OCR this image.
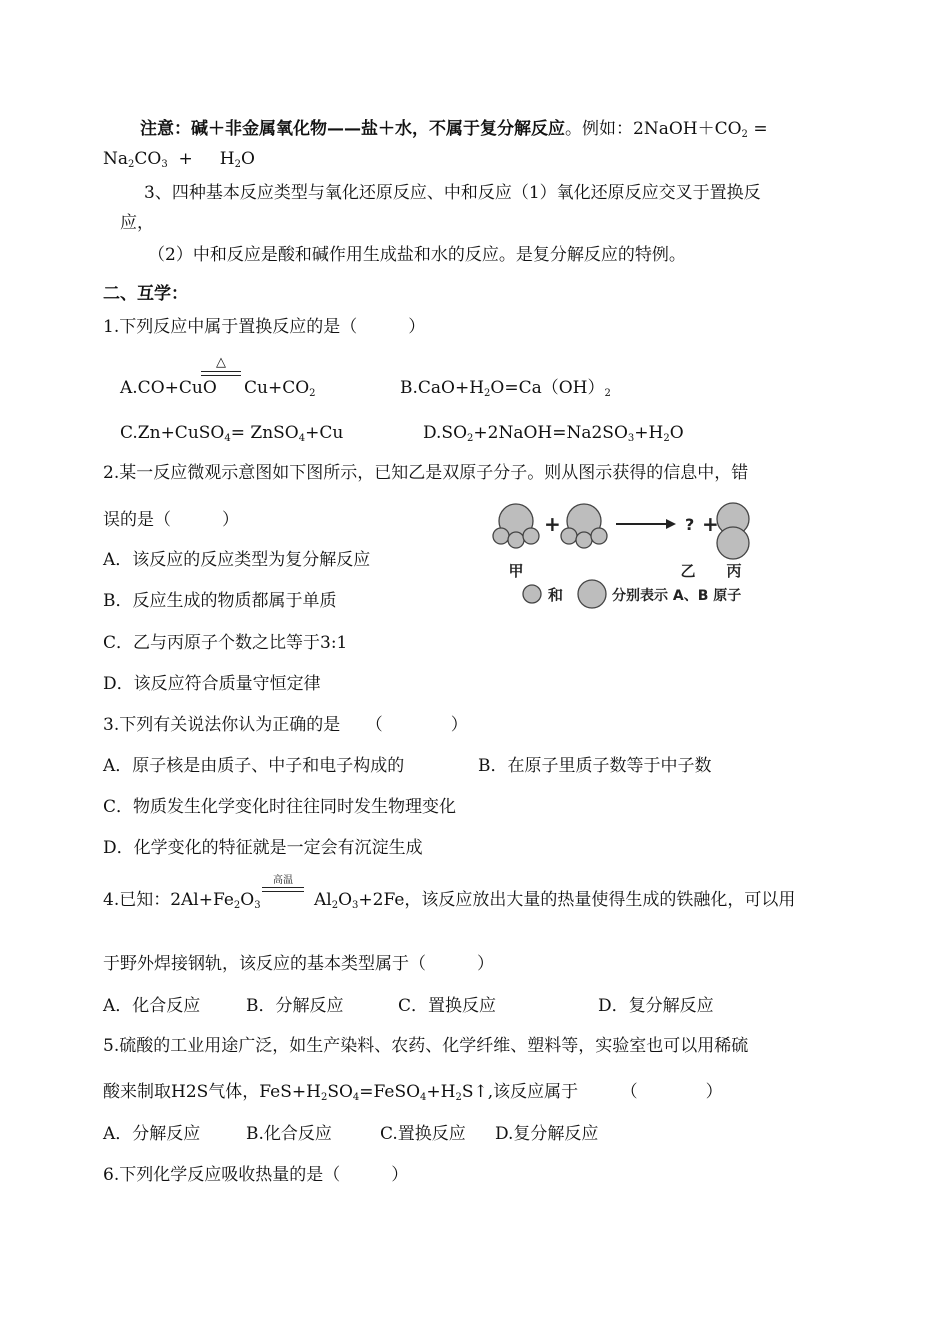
注意：碱＋非金属氧化物——盐＋水，不属于复分解反应。例如：$2NaOH+CO_2$ =
$Na_2CO_3$  +     $H_2O$
3、四种基本反应类型与氧化还原反应、中和反应（1）氧化还原反应交叉于置换反
应，
（2）中和反应是酸和碱作用生成盐和水的反应。是复分解反应的特例。
二、互学：
1.下列反应中属于置换反应的是（　　　）
A.CO+CuO
△
$Cu+CO_2$	$B.CaO+H_2O=Ca(OH)_2$
C.Zn+CuSO$_4$= ZnSO$_4$+Cu	$D.SO_2+2NaOH=Na2SO_3+H_2O$
2.某一反应微观示意图如下图所示，已知乙是双原子分子。则从图示获得的信息中，错
误的是（　　　）
A．该反应的反应类型为复分解反应
B．反应生成的物质都属于单质
C．乙与丙原子个数之比等于3:1
D．该反应符合质量守恒定律
+	? +
甲	乙 丙
和	分别表示 A、B 原子
3.下列有关说法你认为正确的是　　（　　　　）
A．原子核是由质子、中子和电子构成的	B．在原子里质子数等于中子数
C．物质发生化学变化时往往同时发生物理变化
D．化学变化的特征就是一定会有沉淀生成
4.已知：$2Al+Fe_2O_3$
高温
$Al_2O_3+2Fe$，该反应放出大量的热量使得生成的铁融化，可以用
于野外焊接钢轨，该反应的基本类型属于（　　　）
A．化合反应	B．分解反应	C．置换反应	D．复分解反应
5.硫酸的工业用途广泛，如生产染料、农药、化学纤维、塑料等，实验室也可以用稀硫
酸来制取H2S气体，$FeS+H_2SO_4=FeSO_4+H_2S↑$,该反应属于　　　（　　　　）
A．分解反应	B.化合反应	C.置换反应 D.复分解反应
6.下列化学反应吸收热量的是（　　　）
